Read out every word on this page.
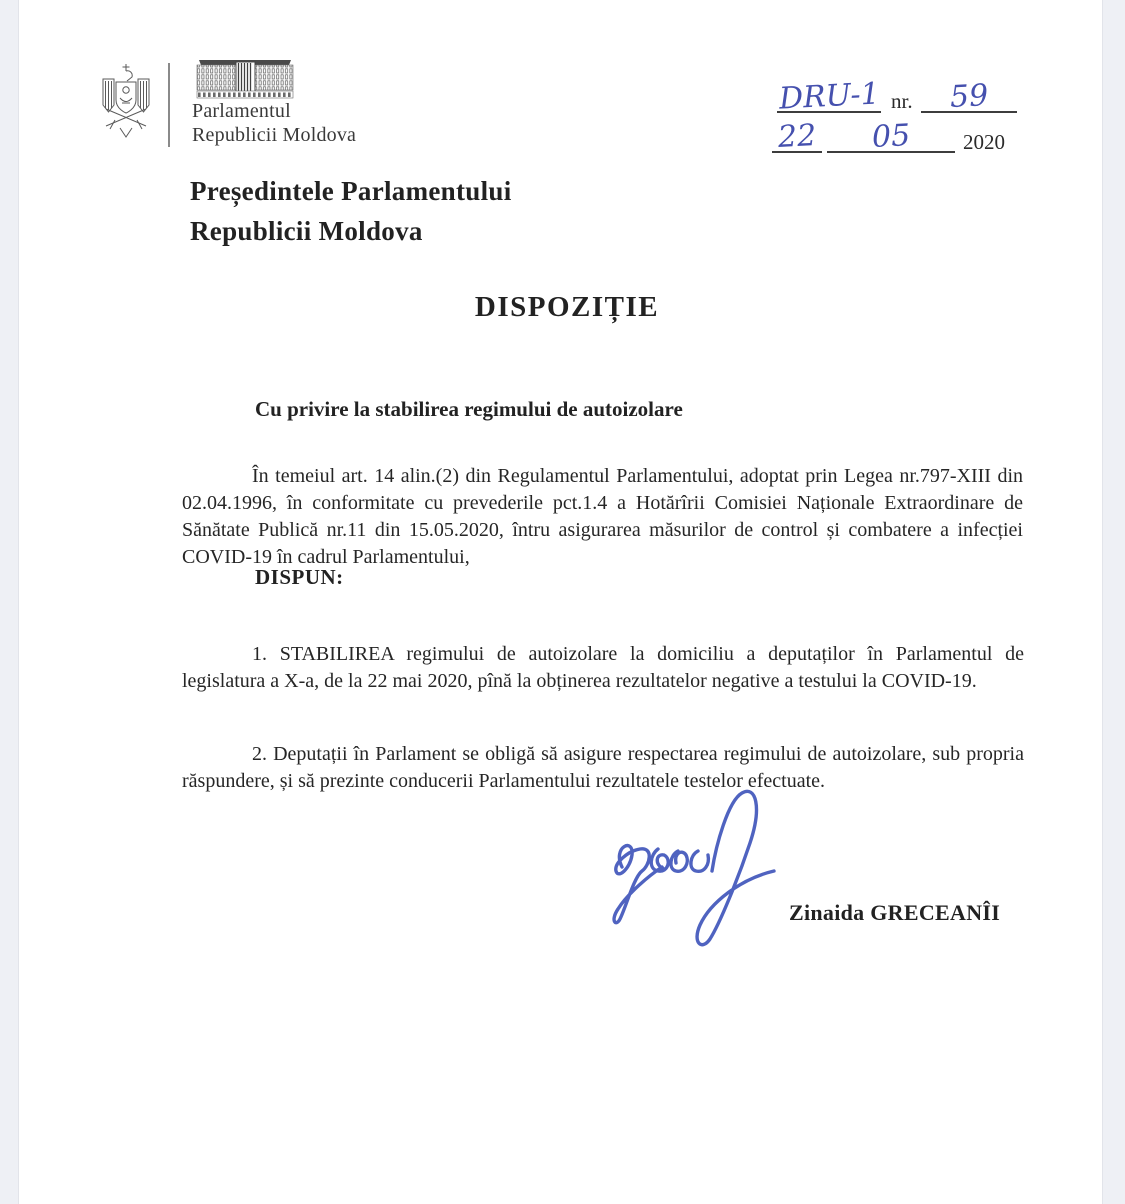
Parlamentul
Republicii Moldova
DRU-1 nr. 59
22 05 2020
Președintele Parlamentului
Republicii Moldova
DISPOZIȚIE
Cu privire la stabilirea regimului de autoizolare

În temeiul art. 14 alin.(2) din Regulamentul Parlamentului, adoptat prin Legea nr.797-XIII din 02.04.1996, în conformitate cu prevederile pct.1.4 a Hotărîrii Comisiei Naționale Extraordinare de Sănătate Publică nr.11 din 15.05.2020, întru asigurarea măsurilor de control și combatere a infecției COVID-19 în cadrul Parlamentului,

DISPUN:

1. STABILIREA regimului de autoizolare la domiciliu a deputaților în Parlamentul de legislatura a X-a, de la 22 mai 2020, pînă la obținerea rezultatelor negative a testului la COVID-19.

2. Deputații în Parlament se obligă să asigure respectarea regimului de autoizolare, sub propria răspundere, și să prezinte conducerii Parlamentului rezultatele testelor efectuate.

Zinaida GRECEANÎI
